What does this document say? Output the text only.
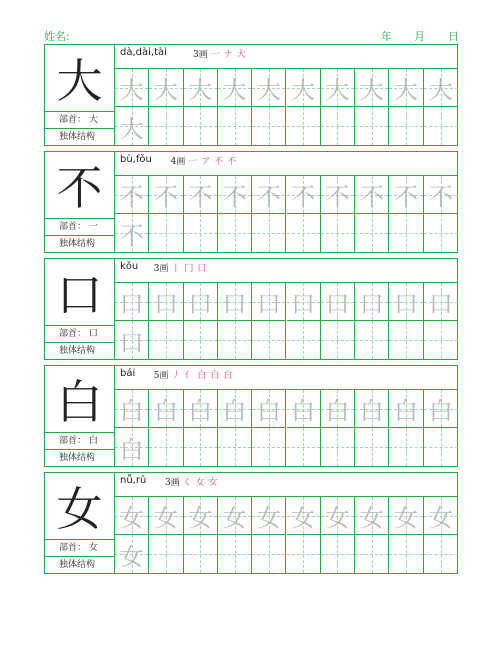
姓名:	年 月 日
大
部首： 大
独体结构
dà,dài,tài	3画 一 ナ 大
大 大 大 大 大 大 大 大 大 大
大
不
部首： 一
独体结构
bù,fǒu 4画 一 ア 不 不
不 不 不 不 不 不 不 不 不 不
不
口
部首： 口
独体结构
kǒu 3画 丨 冂 口
口 口 口 口 口 口 口 口 口 口
口
白
部首： 白
独体结构
bái 5画 丿 亻 白 白 白
白 白 白 白 白 白 白 白 白 白
白
女
部首： 女
独体结构
nǚ,rǔ 3画 く 女 女
女 女 女 女 女 女 女 女 女 女
女
